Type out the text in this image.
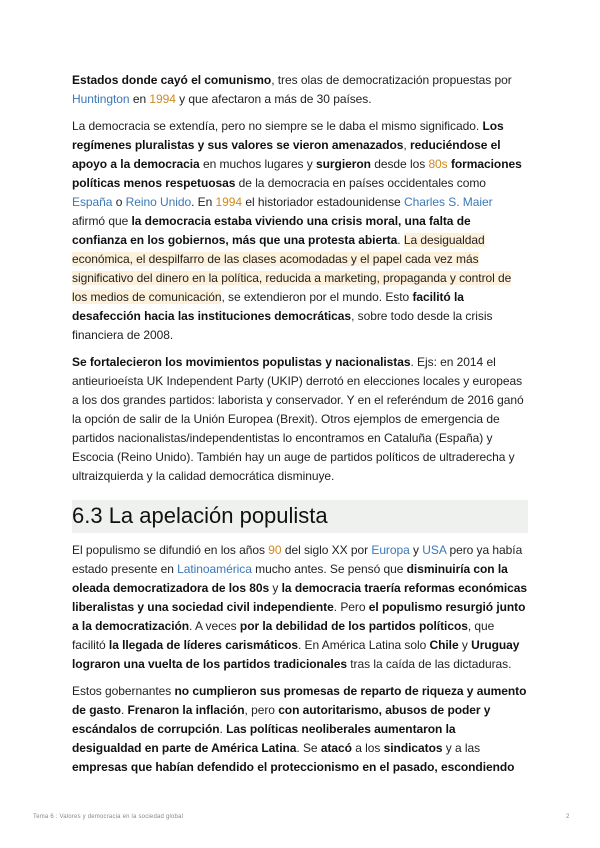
Estados donde cayó el comunismo, tres olas de democratización propuestas por Huntington en 1994 y que afectaron a más de 30 países.

La democracia se extendía, pero no siempre se le daba el mismo significado. Los regímenes pluralistas y sus valores se vieron amenazados, reduciéndose el apoyo a la democracia en muchos lugares y surgieron desde los 80s formaciones políticas menos respetuosas de la democracia en países occidentales como España o Reino Unido. En 1994 el historiador estadounidense Charles S. Maier afirmó que la democracia estaba viviendo una crisis moral, una falta de confianza en los gobiernos, más que una protesta abierta. La desigualdad económica, el despilfarro de las clases acomodadas y el papel cada vez más significativo del dinero en la política, reducida a marketing, propaganda y control de los medios de comunicación, se extendieron por el mundo. Esto facilitó la desafección hacia las instituciones democráticas, sobre todo desde la crisis financiera de 2008.

Se fortalecieron los movimientos populistas y nacionalistas. Ejs: en 2014 el antieurioeísta UK Independent Party (UKIP) derrotó en elecciones locales y europeas a los dos grandes partidos: laborista y conservador. Y en el referéndum de 2016 ganó la opción de salir de la Unión Europea (Brexit). Otros ejemplos de emergencia de partidos nacionalistas/independentistas lo encontramos en Cataluña (España) y Escocia (Reino Unido). También hay un auge de partidos políticos de ultraderecha y ultraizquierda y la calidad democrática disminuye.

6.3 La apelación populista

El populismo se difundió en los años 90 del siglo XX por Europa y USA pero ya había estado presente en Latinoamérica mucho antes. Se pensó que disminuiría con la oleada democratizadora de los 80s y la democracia traería reformas económicas liberalistas y una sociedad civil independiente. Pero el populismo resurgió junto a la democratización. A veces por la debilidad de los partidos políticos, que facilitó la llegada de líderes carismáticos. En América Latina solo Chile y Uruguay lograron una vuelta de los partidos tradicionales tras la caída de las dictaduras.

Estos gobernantes no cumplieron sus promesas de reparto de riqueza y aumento de gasto. Frenaron la inflación, pero con autoritarismo, abusos de poder y escándalos de corrupción. Las políticas neoliberales aumentaron la desigualdad en parte de América Latina. Se atacó a los sindicatos y a las empresas que habían defendido el proteccionismo en el pasado, escondiendo

Tema 6 : Valores y democracia en la sociedad global	2
